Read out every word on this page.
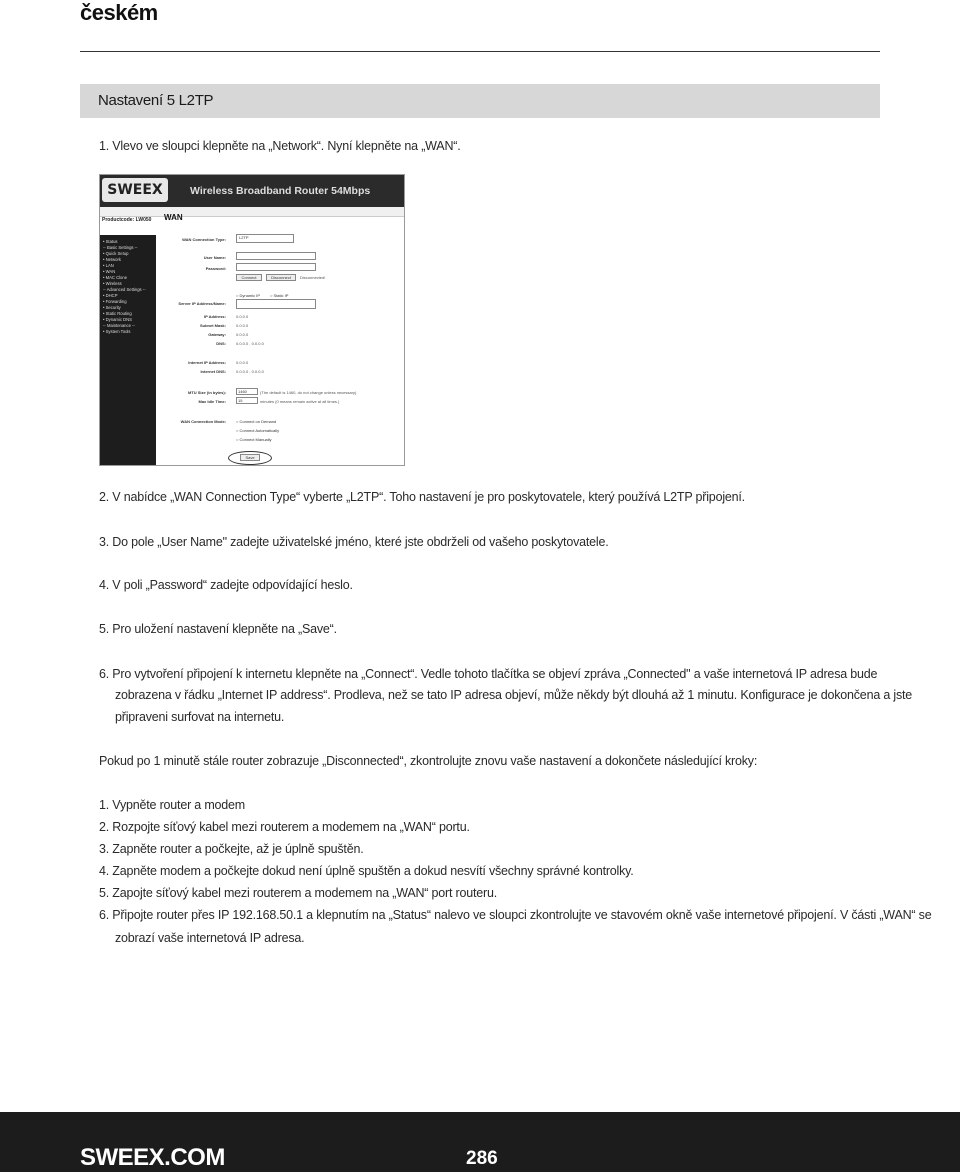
českém
Nastavení 5 L2TP
1. Vlevo ve sloupci klepněte na „Network“. Nyní klepněte na „WAN“.
SWEEX	Wireless Broadband Router 54Mbps
Productcode: LW050 WAN
• Status
-- Basic Settings --
• Quick Setup
• Network
• LAN
• WAN
• MAC Clone
• Wireless
-- Advanced Settings --
• DHCP
• Forwarding
• Security
• Static Routing
• Dynamic DNS
-- Maintenance --
• System Tools
WAN Connection Type:	L2TP
User Name:
Password:
Connect	Disconnect	Disconnected!
Server IP Address/Name:
○ Dynamic IP	○ Static IP
IP Address:	0.0.0.0
Subnet Mask:	0.0.0.0
Gateway:	0.0.0.0
DNS:	0.0.0.0 , 0.0.0.0
Internet IP Address:	0.0.0.0
Internet DNS:	0.0.0.0 , 0.0.0.0
MTU Size (in bytes):	1460	(The default is 1460, do not change unless necessary)
Max Idle Time:	15	minutes (0 means remain active at all times.)
WAN Connection Mode:	○ Connect on Demand
○ Connect Automatically
○ Connect Manually
Save
2. V nabídce „WAN Connection Type“ vyberte „L2TP“. Toho nastavení je pro poskytovatele, který používá L2TP připojení.
3. Do pole „User Name" zadejte uživatelské jméno, které jste obdrželi od vašeho poskytovatele.
4. V poli „Password“ zadejte odpovídající heslo.
5. Pro uložení nastavení klepněte na „Save“.
6. Pro vytvoření připojení k internetu klepněte na „Connect“. Vedle tohoto tlačítka se objeví zpráva „Connected" a vaše internetová IP adresa bude
zobrazena v řádku „Internet IP address“. Prodleva, než se tato IP adresa objeví, může někdy být dlouhá až 1 minutu. Konfigurace je dokončena a jste
připraveni surfovat na internetu.
Pokud po 1 minutě stále router zobrazuje „Disconnected“, zkontrolujte znovu vaše nastavení a dokončete následující kroky:
1. Vypněte router a modem
2. Rozpojte síťový kabel mezi routerem a modemem na „WAN“ portu.
3. Zapněte router a počkejte, až je úplně spuštěn.
4. Zapněte modem a počkejte dokud není úplně spuštěn a dokud nesvítí všechny správné kontrolky.
5. Zapojte síťový kabel mezi routerem a modemem na „WAN“ port routeru.
6. Připojte router přes IP 192.168.50.1 a klepnutím na „Status“ nalevo ve sloupci zkontrolujte ve stavovém okně vaše internetové připojení. V části „WAN“ se
zobrazí vaše internetová IP adresa.
SWEEX.COM	286
